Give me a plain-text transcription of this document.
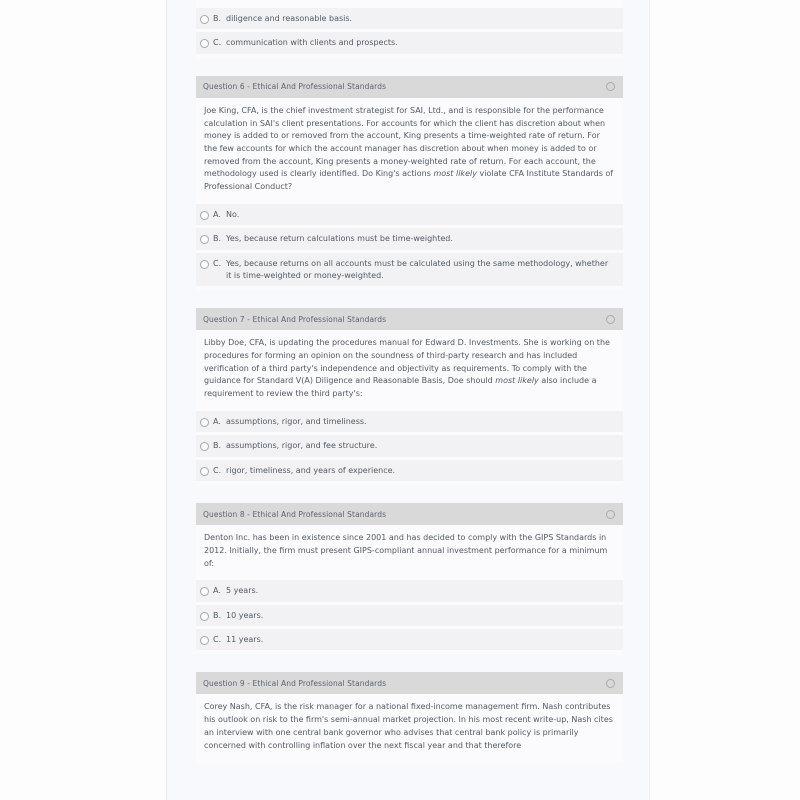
B. diligence and reasonable basis.
C. communication with clients and prospects.
Question 6 - Ethical And Professional Standards
Joe King, CFA, is the chief investment strategist for SAI, Ltd., and is responsible for the performance calculation in SAI's client presentations. For accounts for which the client has discretion about when money is added to or removed from the account, King presents a time-weighted rate of return. For the few accounts for which the account manager has discretion about when money is added to or removed from the account, King presents a money-weighted rate of return. For each account, the methodology used is clearly identified. Do King's actions most likely violate CFA Institute Standards of Professional Conduct?
A. No.
B. Yes, because return calculations must be time-weighted.
C. Yes, because returns on all accounts must be calculated using the same methodology, whether it is time-weighted or money-weighted.
Question 7 - Ethical And Professional Standards
Libby Doe, CFA, is updating the procedures manual for Edward D. Investments. She is working on the procedures for forming an opinion on the soundness of third-party research and has included verification of a third party's independence and objectivity as requirements. To comply with the guidance for Standard V(A) Diligence and Reasonable Basis, Doe should most likely also include a requirement to review the third party's:
A. assumptions, rigor, and timeliness.
B. assumptions, rigor, and fee structure.
C. rigor, timeliness, and years of experience.
Question 8 - Ethical And Professional Standards
Denton Inc. has been in existence since 2001 and has decided to comply with the GIPS Standards in 2012. Initially, the firm must present GIPS-compliant annual investment performance for a minimum of:
A. 5 years.
B. 10 years.
C. 11 years.
Question 9 - Ethical And Professional Standards
Corey Nash, CFA, is the risk manager for a national fixed-income management firm. Nash contributes his outlook on risk to the firm's semi-annual market projection. In his most recent write-up, Nash cites an interview with one central bank governor who advises that central bank policy is primarily concerned with controlling inflation over the next fiscal year and that therefore
